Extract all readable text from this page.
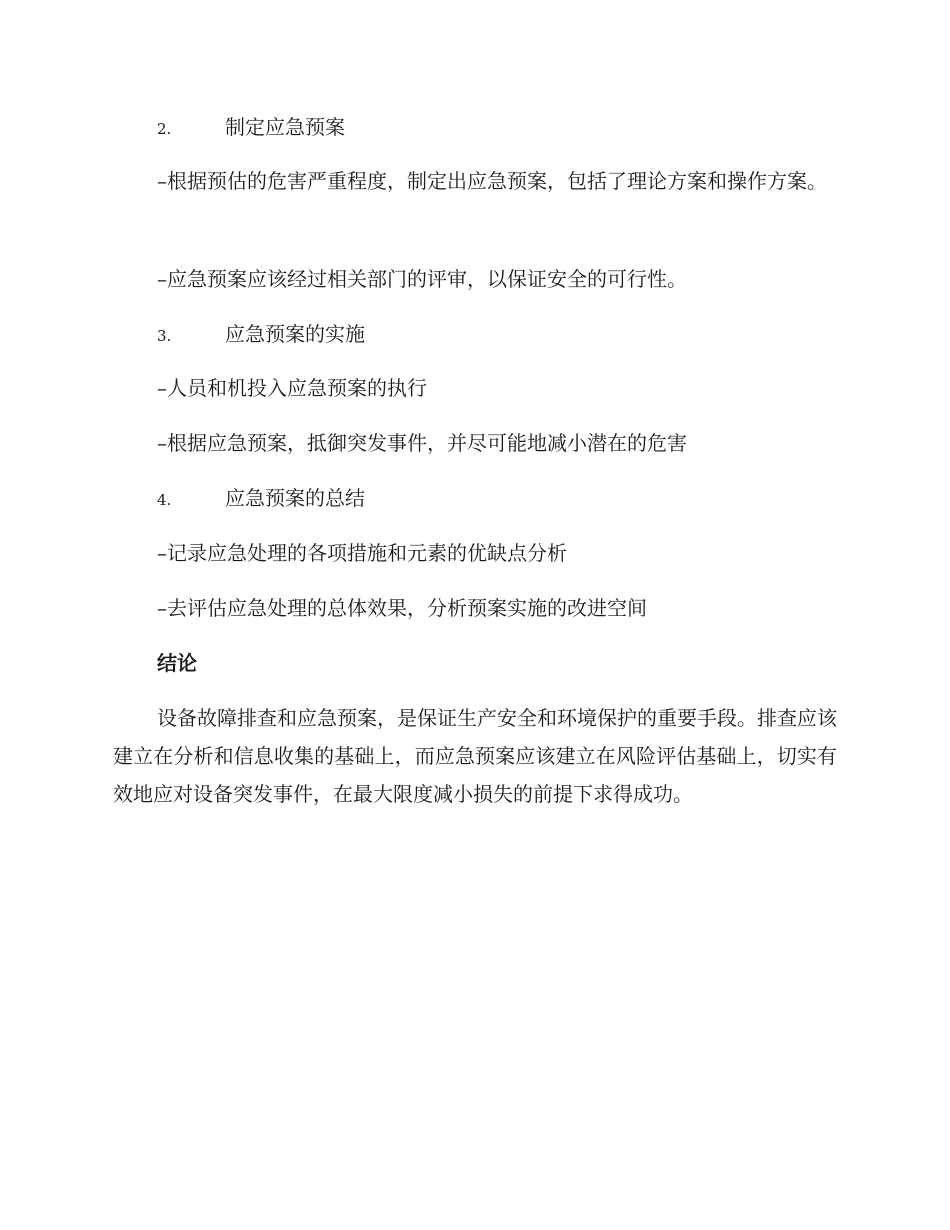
2.	制定应急预案
–根据预估的危害严重程度，制定出应急预案，包括了理论方案和操作方案。
–应急预案应该经过相关部门的评审，以保证安全的可行性。
3.	应急预案的实施
–人员和机投入应急预案的执行
–根据应急预案，抵御突发事件，并尽可能地减小潜在的危害
4.	应急预案的总结
–记录应急处理的各项措施和元素的优缺点分析
–去评估应急处理的总体效果，分析预案实施的改进空间
结论
设备故障排查和应急预案，是保证生产安全和环境保护的重要手段。排查应该建立在分析和信息收集的基础上，而应急预案应该建立在风险评估基础上，切实有效地应对设备突发事件，在最大限度减小损失的前提下求得成功。
